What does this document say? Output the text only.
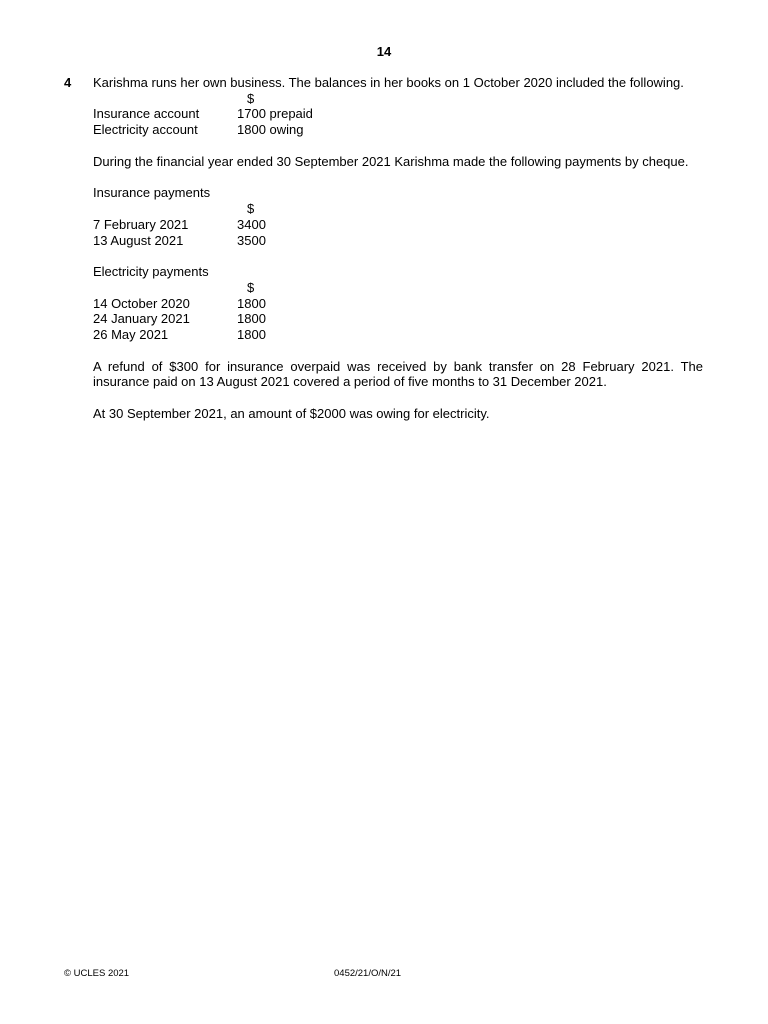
14
4 Karishma runs her own business. The balances in her books on 1 October 2020 included the following.

$
Insurance account	1700 prepaid
Electricity account	1800 owing

During the financial year ended 30 September 2021 Karishma made the following payments by cheque.

Insurance payments
$
7 February 2021	3400
13 August 2021	3500
Electricity payments
$
14 October 2020	1800
24 January 2021	1800
26 May 2021	1800

A refund of $300 for insurance overpaid was received by bank transfer on 28 February 2021. The insurance paid on 13 August 2021 covered a period of five months to 31 December 2021.

At 30 September 2021, an amount of $2000 was owing for electricity.

© UCLES 2021	0452/21/O/N/21
